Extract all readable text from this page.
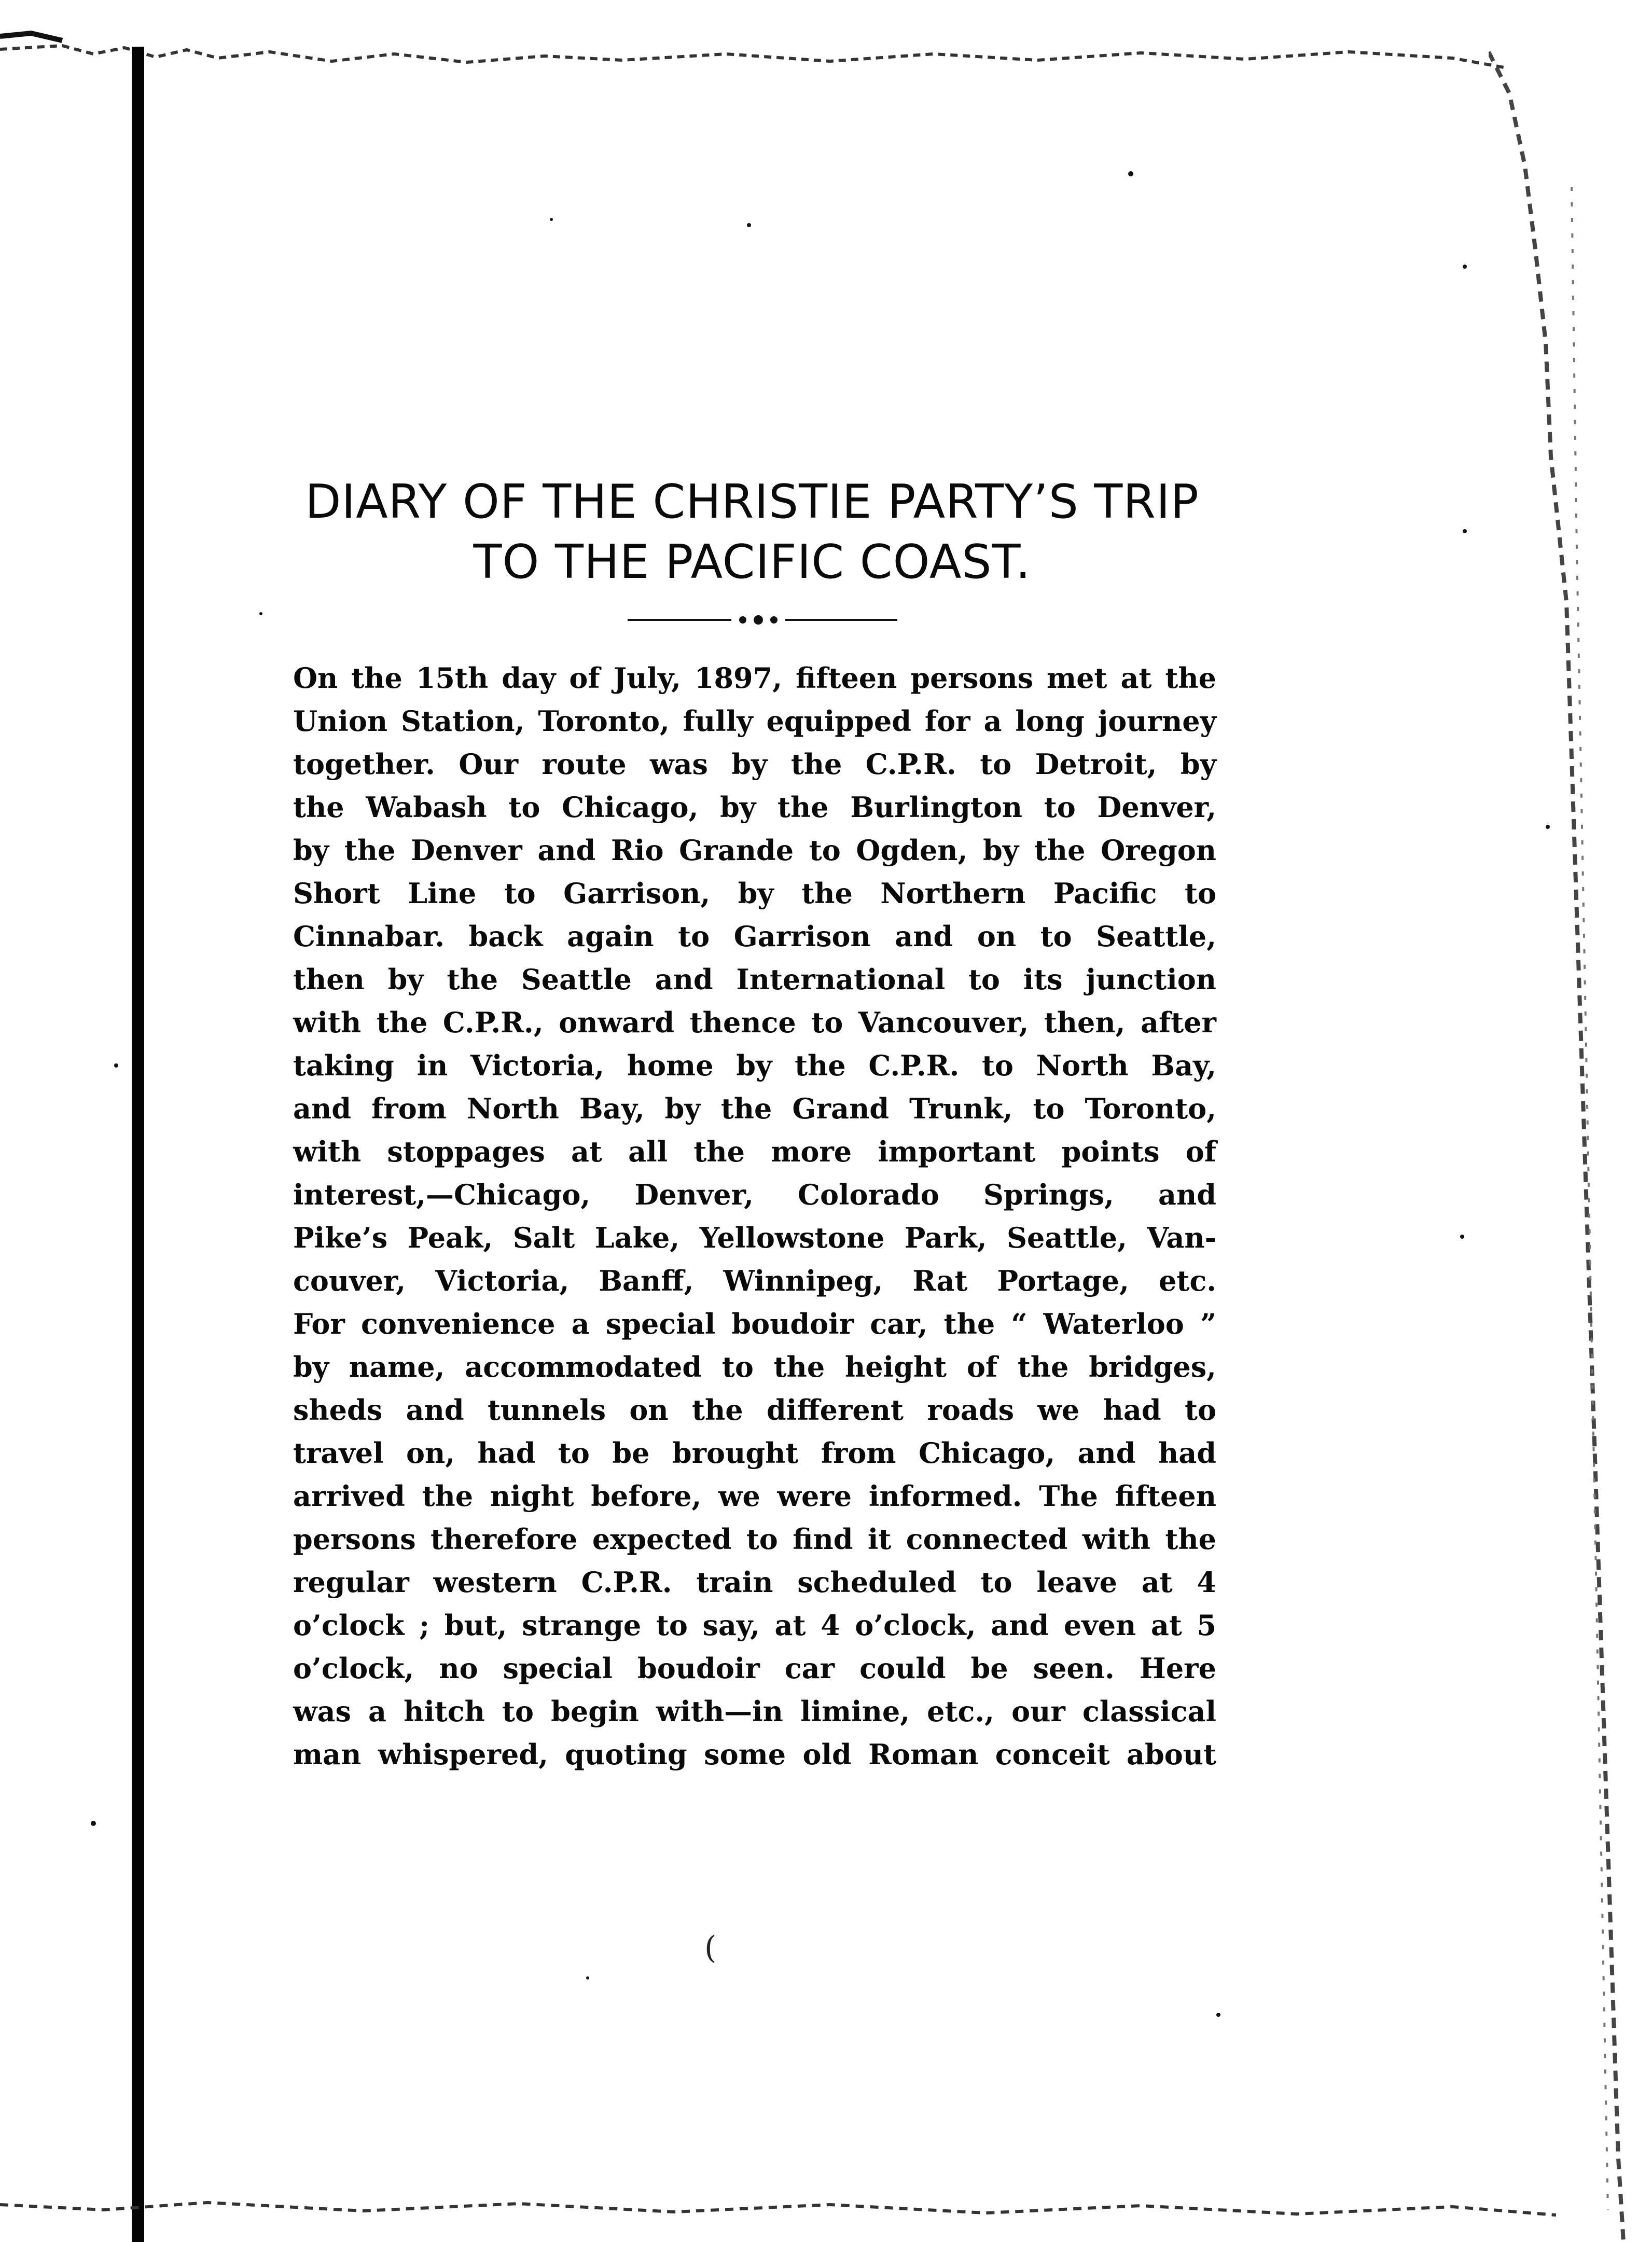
DIARY OF THE CHRISTIE PARTY’S TRIP
TO THE PACIFIC COAST.
On the 15th day of July, 1897, fifteen persons met at the
Union Station, Toronto, fully equipped for a long journey
together. Our route was by the C.P.R. to Detroit, by
the Wabash to Chicago, by the Burlington to Denver,
by the Denver and Rio Grande to Ogden, by the Oregon
Short Line to Garrison, by the Northern Pacific to
Cinnabar. back again to Garrison and on to Seattle,
then by the Seattle and International to its junction
with the C.P.R., onward thence to Vancouver, then, after
taking in Victoria, home by the C.P.R. to North Bay,
and from North Bay, by the Grand Trunk, to Toronto,
with stoppages at all the more important points of
interest,—Chicago, Denver, Colorado Springs, and
Pike’s Peak, Salt Lake, Yellowstone Park, Seattle, Van-
couver, Victoria, Banff, Winnipeg, Rat Portage, etc.
For convenience a special boudoir car, the “ Waterloo ”
by name, accommodated to the height of the bridges,
sheds and tunnels on the different roads we had to
travel on, had to be brought from Chicago, and had
arrived the night before, we were informed. The fifteen
persons therefore expected to find it connected with the
regular western C.P.R. train scheduled to leave at 4
o’clock ; but, strange to say, at 4 o’clock, and even at 5
o’clock, no special boudoir car could be seen. Here
was a hitch to begin with—in limine, etc., our classical
man whispered, quoting some old Roman conceit about
(
